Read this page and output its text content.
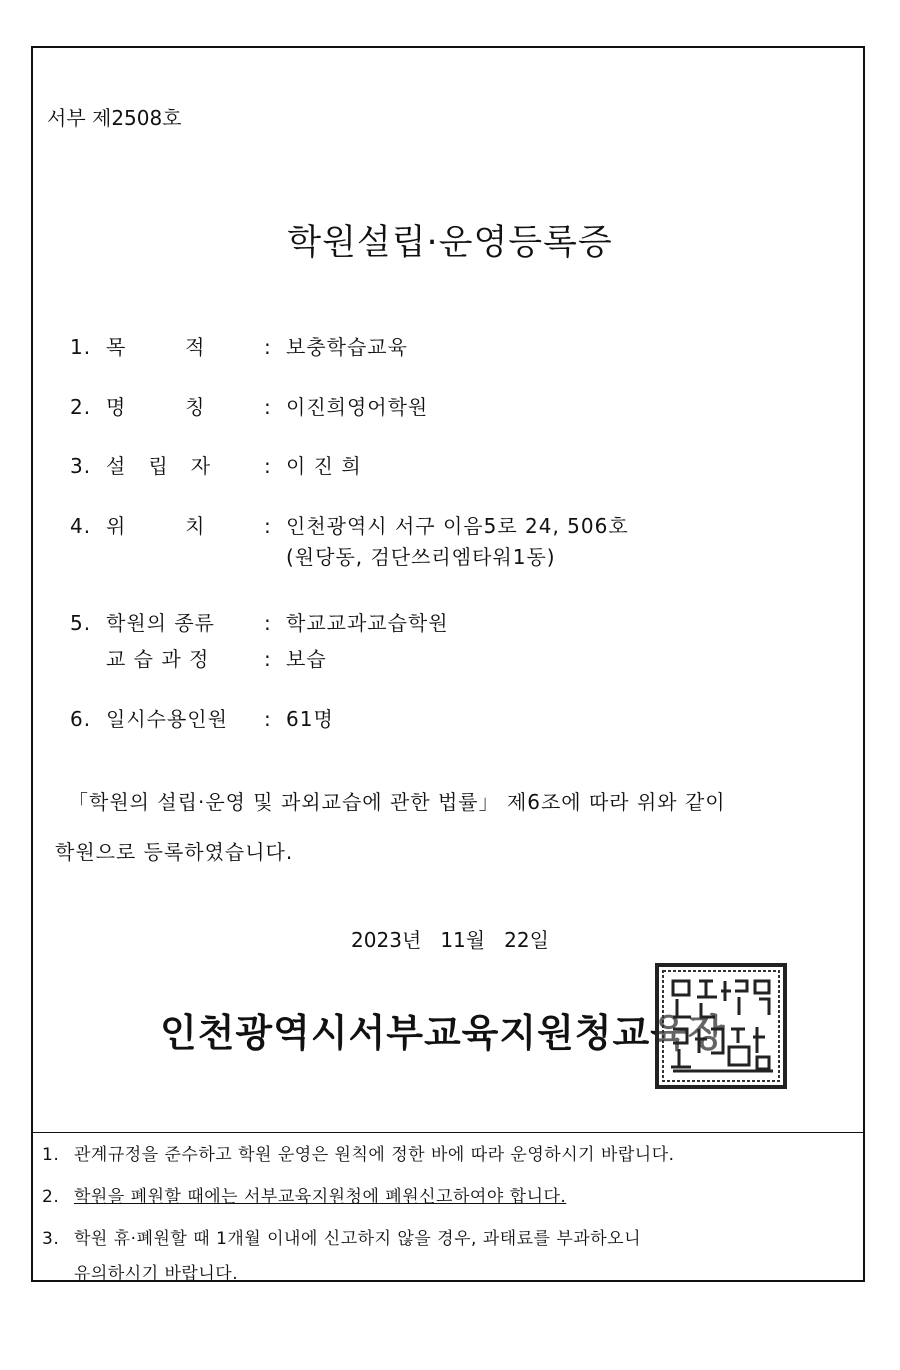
서부 제2508호
학원설립·운영등록증
1. 목        적	: 보충학습교육
2. 명        칭	: 이진희영어학원
3. 설   립   자	: 이 진 희
4. 위        치	: 인천광역시 서구 이음5로 24, 506호
(원당동, 검단쓰리엠타워1동)
5. 학원의 종류 : 학교교과교습학원
교 습 과 정	: 보습
6. 일시수용인원 : 61명
「학원의 설립·운영 및 과외교습에 관한 법률」 제6조에 따라 위와 같이
학원으로 등록하였습니다.
2023년   11월   22일
인천광역시서부교육지원청교육장
1. 관계규정을 준수하고 학원 운영은 원칙에 정한 바에 따라 운영하시기 바랍니다.
2. 학원을 폐원할 때에는 서부교육지원청에 폐원신고하여야 합니다.
3. 학원 휴·폐원할 때 1개월 이내에 신고하지 않을 경우, 과태료를 부과하오니
유의하시기 바랍니다.
